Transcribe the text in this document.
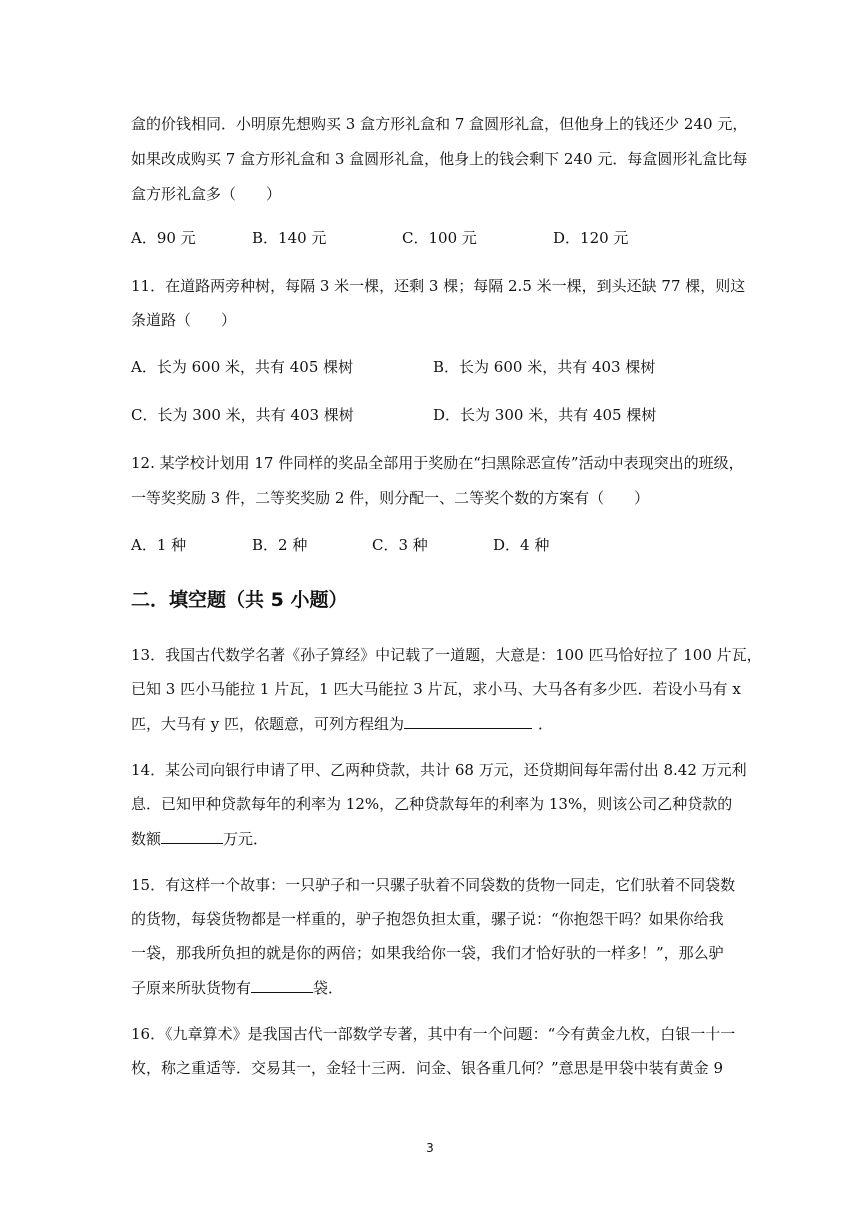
盒的价钱相同．小明原先想购买 3 盒方形礼盒和 7 盒圆形礼盒，但他身上的钱还少 240 元，
如果改成购买 7 盒方形礼盒和 3 盒圆形礼盒，他身上的钱会剩下 240 元．每盒圆形礼盒比每
盒方形礼盒多（　　）
A．90 元	B．140 元	C．100 元	D．120 元
11．在道路两旁种树，每隔 3 米一棵，还剩 3 棵；每隔 2.5 米一棵，到头还缺 77 棵，则这
条道路（　　）
A．长为 600 米，共有 405 棵树	B．长为 600 米，共有 403 棵树
C．长为 300 米，共有 403 棵树	D．长为 300 米，共有 405 棵树
12. 某学校计划用 17 件同样的奖品全部用于奖励在“扫黑除恶宣传”活动中表现突出的班级，
一等奖奖励 3 件，二等奖奖励 2 件，则分配一、二等奖个数的方案有（　　）
A．1 种	B．2 种	C．3 种	D．4 种
二．填空题（共 5 小题）
13．我国古代数学名著《孙子算经》中记载了一道题，大意是：100 匹马恰好拉了 100 片瓦，
已知 3 匹小马能拉 1 片瓦，1 匹大马能拉 3 片瓦，求小马、大马各有多少匹．若设小马有 x
匹，大马有 y 匹，依题意，可列方程组为	．
14．某公司向银行申请了甲、乙两种贷款，共计 68 万元，还贷期间每年需付出 8.42 万元利
息．已知甲种贷款每年的利率为 12%，乙种贷款每年的利率为 13%，则该公司乙种贷款的
数额	万元．
15．有这样一个故事：一只驴子和一只骡子驮着不同袋数的货物一同走，它们驮着不同袋数
的货物，每袋货物都是一样重的，驴子抱怨负担太重，骡子说：“你抱怨干吗？如果你给我
一袋，那我所负担的就是你的两倍；如果我给你一袋，我们才恰好驮的一样多！”，那么驴
子原来所驮货物有	袋．
16．《九章算术》是我国古代一部数学专著，其中有一个问题：“今有黄金九枚，白银一十一
枚，称之重适等．交易其一，金轻十三两．问金、银各重几何？”意思是甲袋中装有黄金 9
3
